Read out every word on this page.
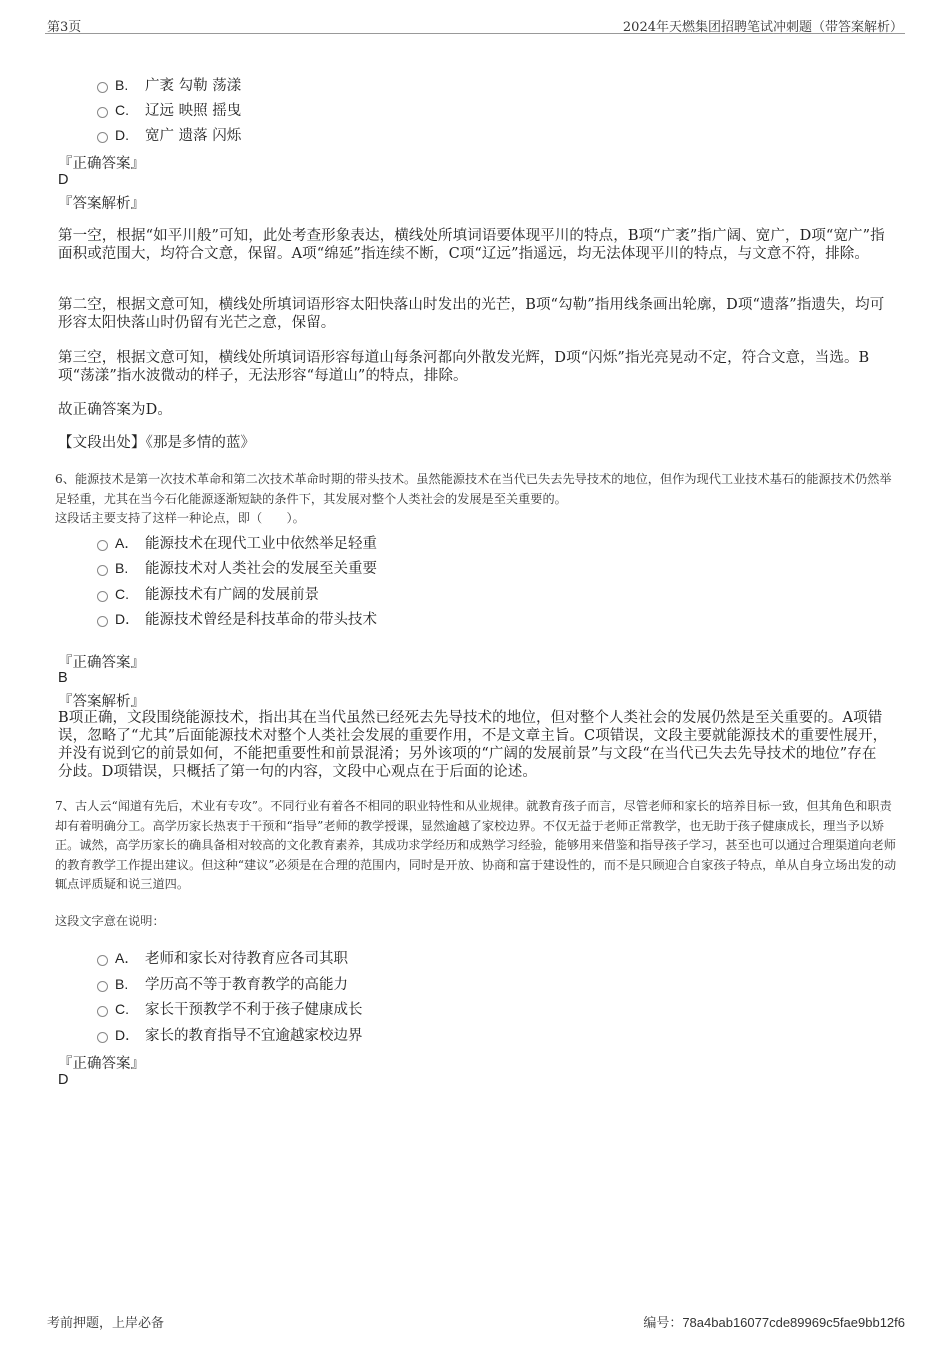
第3页	2024年天燃集团招聘笔试冲刺题（带答案解析）
B.	广袤 勾勒 荡漾
C.	辽远 映照 摇曳
D.	宽广 遗落 闪烁
『正确答案』
D
『答案解析』
第一空，根据“如平川般”可知，此处考查形象表达，横线处所填词语要体现平川的特点，B项“广袤”指广阔、宽广，D项“宽广”指面积或范围大，均符合文意，保留。A项“绵延”指连续不断，C项“辽远”指遥远，均无法体现平川的特点，与文意不符，排除。
第二空，根据文意可知，横线处所填词语形容太阳快落山时发出的光芒，B项“勾勒”指用线条画出轮廓，D项“遗落”指遗失，均可形容太阳快落山时仍留有光芒之意，保留。
第三空，根据文意可知，横线处所填词语形容每道山每条河都向外散发光辉，D项“闪烁”指光亮晃动不定，符合文意，当选。B项“荡漾”指水波微动的样子，无法形容“每道山”的特点，排除。
故正确答案为D。
【文段出处】《那是多情的蓝》
6、能源技术是第一次技术革命和第二次技术革命时期的带头技术。虽然能源技术在当代已失去先导技术的地位，但作为现代工业技术基石的能源技术仍然举足轻重，尤其在当今石化能源逐渐短缺的条件下，其发展对整个人类社会的发展是至关重要的。
这段话主要支持了这样一种论点，即（　　）。
A． 能源技术在现代工业中依然举足轻重
B.	能源技术对人类社会的发展至关重要
C.	能源技术有广阔的发展前景
D． 能源技术曾经是科技革命的带头技术
『正确答案』
B
『答案解析』
B项正确，文段围绕能源技术，指出其在当代虽然已经死去先导技术的地位，但对整个人类社会的发展仍然是至关重要的。A项错误，忽略了“尤其”后面能源技术对整个人类社会发展的重要作用，不是文章主旨。C项错误，文段主要就能源技术的重要性展开，并没有说到它的前景如何，不能把重要性和前景混淆；另外该项的“广阔的发展前景”与文段“在当代已失去先导技术的地位”存在分歧。D项错误，只概括了第一句的内容，文段中心观点在于后面的论述。
7、古人云“闻道有先后，术业有专攻”。不同行业有着各不相同的职业特性和从业规律。就教育孩子而言，尽管老师和家长的培养目标一致，但其角色和职责却有着明确分工。高学历家长热衷于干预和“指导”老师的教学授课，显然逾越了家校边界。不仅无益于老师正常教学，也无助于孩子健康成长，理当予以矫正。诚然，高学历家长的确具备相对较高的文化教育素养，其成功求学经历和成熟学习经验，能够用来借鉴和指导孩子学习，甚至也可以通过合理渠道向老师的教育教学工作提出建议。但这种“建议”必须是在合理的范围内，同时是开放、协商和富于建设性的，而不是只顾迎合自家孩子特点，单从自身立场出发的动辄点评质疑和说三道四。
这段文字意在说明：
A． 老师和家长对待教育应各司其职
B.	学历高不等于教育教学的高能力
C.	家长干预教学不利于孩子健康成长
D． 家长的教育指导不宜逾越家校边界
『正确答案』
D
考前押题，上岸必备	编号：78a4bab16077cde89969c5fae9bb12f6
